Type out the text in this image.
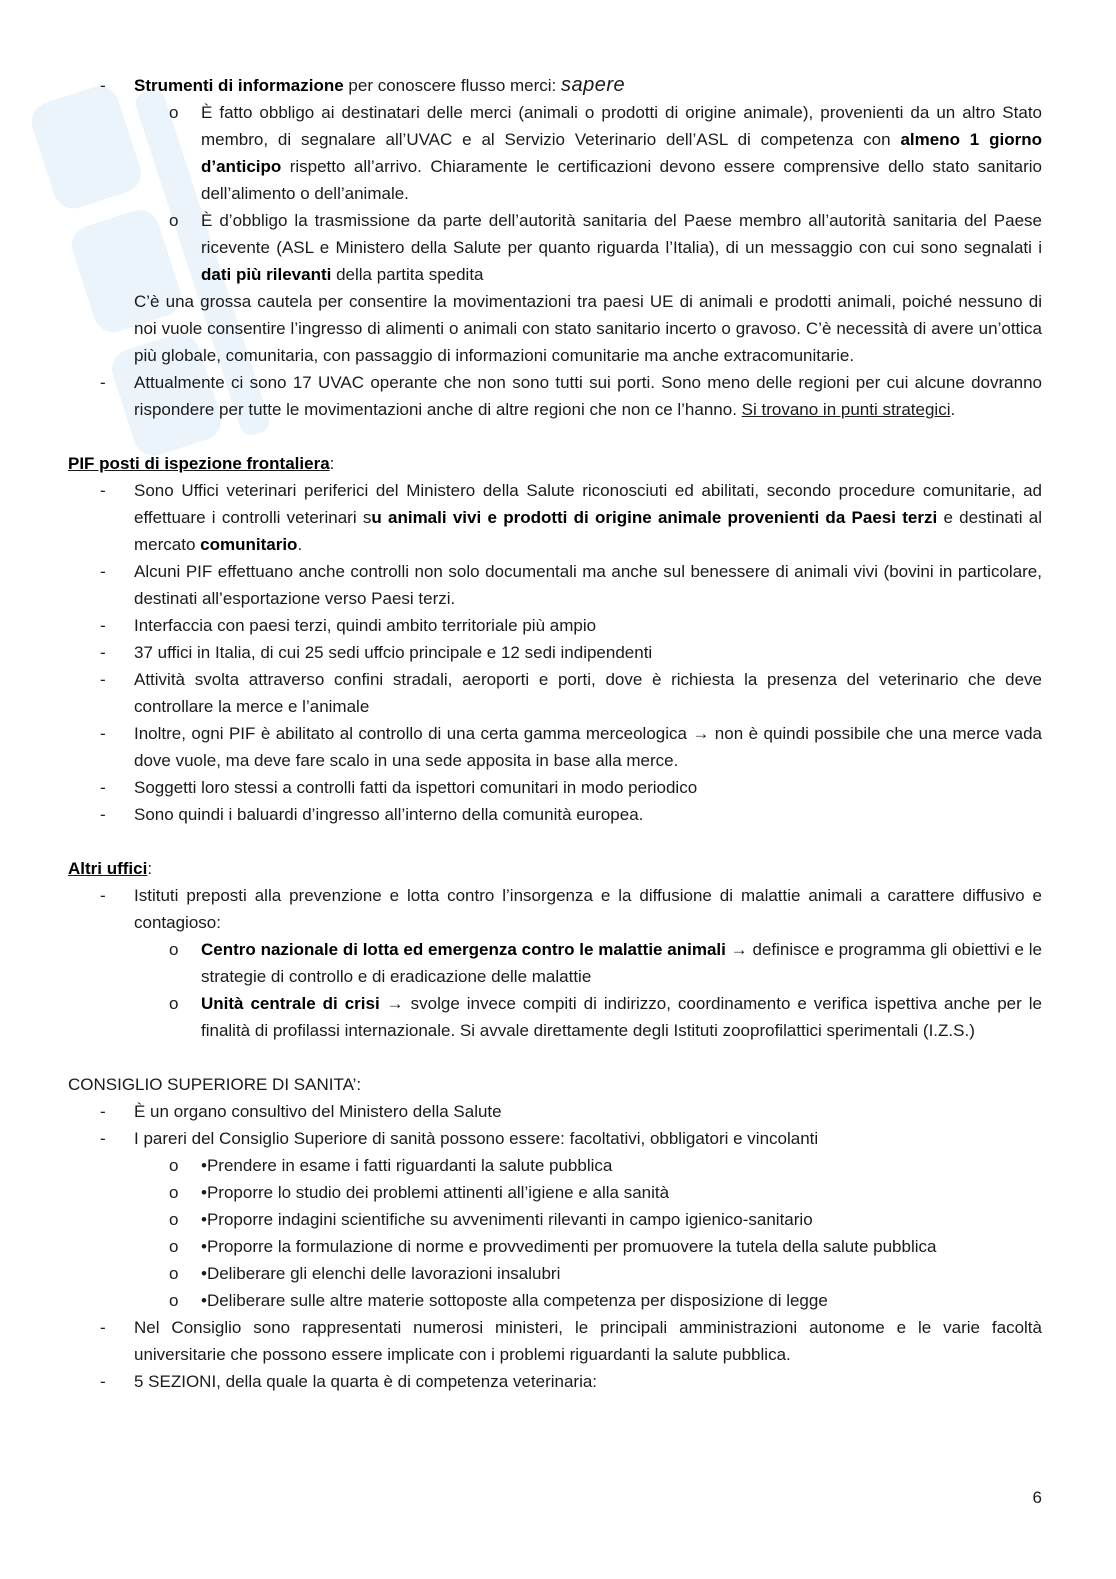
- Strumenti di informazione per conoscere flusso merci: sapere
o È fatto obbligo ai destinatari delle merci (animali o prodotti di origine animale), provenienti da un altro Stato membro, di segnalare all’UVAC e al Servizio Veterinario dell’ASL di competenza con almeno 1 giorno d’anticipo rispetto all’arrivo. Chiaramente le certificazioni devono essere comprensive dello stato sanitario dell’alimento o dell’animale.
o È d’obbligo la trasmissione da parte dell’autorità sanitaria del Paese membro all’autorità sanitaria del Paese ricevente (ASL e Ministero della Salute per quanto riguarda l’Italia), di un messaggio con cui sono segnalati i dati più rilevanti della partita spedita
C’è una grossa cautela per consentire la movimentazioni tra paesi UE di animali e prodotti animali, poiché nessuno di noi vuole consentire l’ingresso di alimenti o animali con stato sanitario incerto o gravoso. C’è necessità di avere un’ottica più globale, comunitaria, con passaggio di informazioni comunitarie ma anche extracomunitarie.
- Attualmente ci sono 17 UVAC operante che non sono tutti sui porti. Sono meno delle regioni per cui alcune dovranno rispondere per tutte le movimentazioni anche di altre regioni che non ce l’hanno. Si trovano in punti strategici.
PIF posti di ispezione frontaliera:
- Sono Uffici veterinari periferici del Ministero della Salute riconosciuti ed abilitati, secondo procedure comunitarie, ad effettuare i controlli veterinari su animali vivi e prodotti di origine animale provenienti da Paesi terzi e destinati al mercato comunitario.
- Alcuni PIF effettuano anche controlli non solo documentali ma anche sul benessere di animali vivi (bovini in particolare, destinati all’esportazione verso Paesi terzi.
- Interfaccia con paesi terzi, quindi ambito territoriale più ampio
- 37 uffici in Italia, di cui 25 sedi uffcio principale e 12 sedi indipendenti
- Attività svolta attraverso confini stradali, aeroporti e porti, dove è richiesta la presenza del veterinario che deve controllare la merce e l’animale
- Inoltre, ogni PIF è abilitato al controllo di una certa gamma merceologica → non è quindi possibile che una merce vada dove vuole, ma deve fare scalo in una sede apposita in base alla merce.
- Soggetti loro stessi a controlli fatti da ispettori comunitari in modo periodico
- Sono quindi i baluardi d’ingresso all’interno della comunità europea.
Altri uffici:
- Istituti preposti alla prevenzione e lotta contro l’insorgenza e la diffusione di malattie animali a carattere diffusivo e contagioso:
o Centro nazionale di lotta ed emergenza contro le malattie animali → definisce e programma gli obiettivi e le strategie di controllo e di eradicazione delle malattie
o Unità centrale di crisi → svolge invece compiti di indirizzo, coordinamento e verifica ispettiva anche per le finalità di profilassi internazionale. Si avvale direttamente degli Istituti zooprofilattici sperimentali (I.Z.S.)
CONSIGLIO SUPERIORE DI SANITA’:
- È un organo consultivo del Ministero della Salute
- I pareri del Consiglio Superiore di sanità possono essere: facoltativi, obbligatori e vincolanti
o •Prendere in esame i fatti riguardanti la salute pubblica
o •Proporre lo studio dei problemi attinenti all’igiene e alla sanità
o •Proporre indagini scientifiche su avvenimenti rilevanti in campo igienico-sanitario
o •Proporre la formulazione di norme e provvedimenti per promuovere la tutela della salute pubblica
o •Deliberare gli elenchi delle lavorazioni insalubri
o •Deliberare sulle altre materie sottoposte alla competenza per disposizione di legge
- Nel Consiglio sono rappresentati numerosi ministeri, le principali amministrazioni autonome e le varie facoltà universitarie che possono essere implicate con i problemi riguardanti la salute pubblica.
- 5 SEZIONI, della quale la quarta è di competenza veterinaria:
6
